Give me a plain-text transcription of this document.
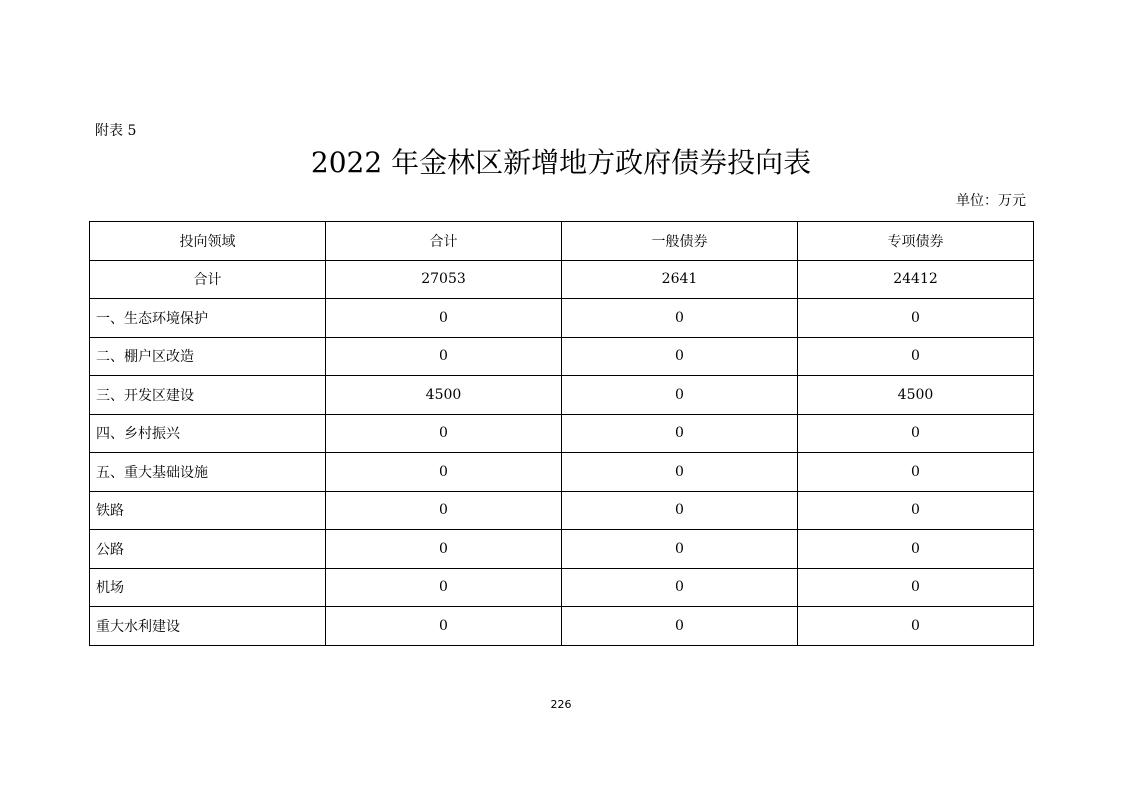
附表 5
2022 年金林区新增地方政府债券投向表
单位：万元
投向领域	合计	一般债券	专项债券
合计	27053	2641	24412
一、生态环境保护	0	0	0
二、棚户区改造	0	0	0
三、开发区建设	4500	0	4500
四、乡村振兴	0	0	0
五、重大基础设施	0	0	0
铁路	0	0	0
公路	0	0	0
机场	0	0	0
重大水利建设	0	0	0
226
